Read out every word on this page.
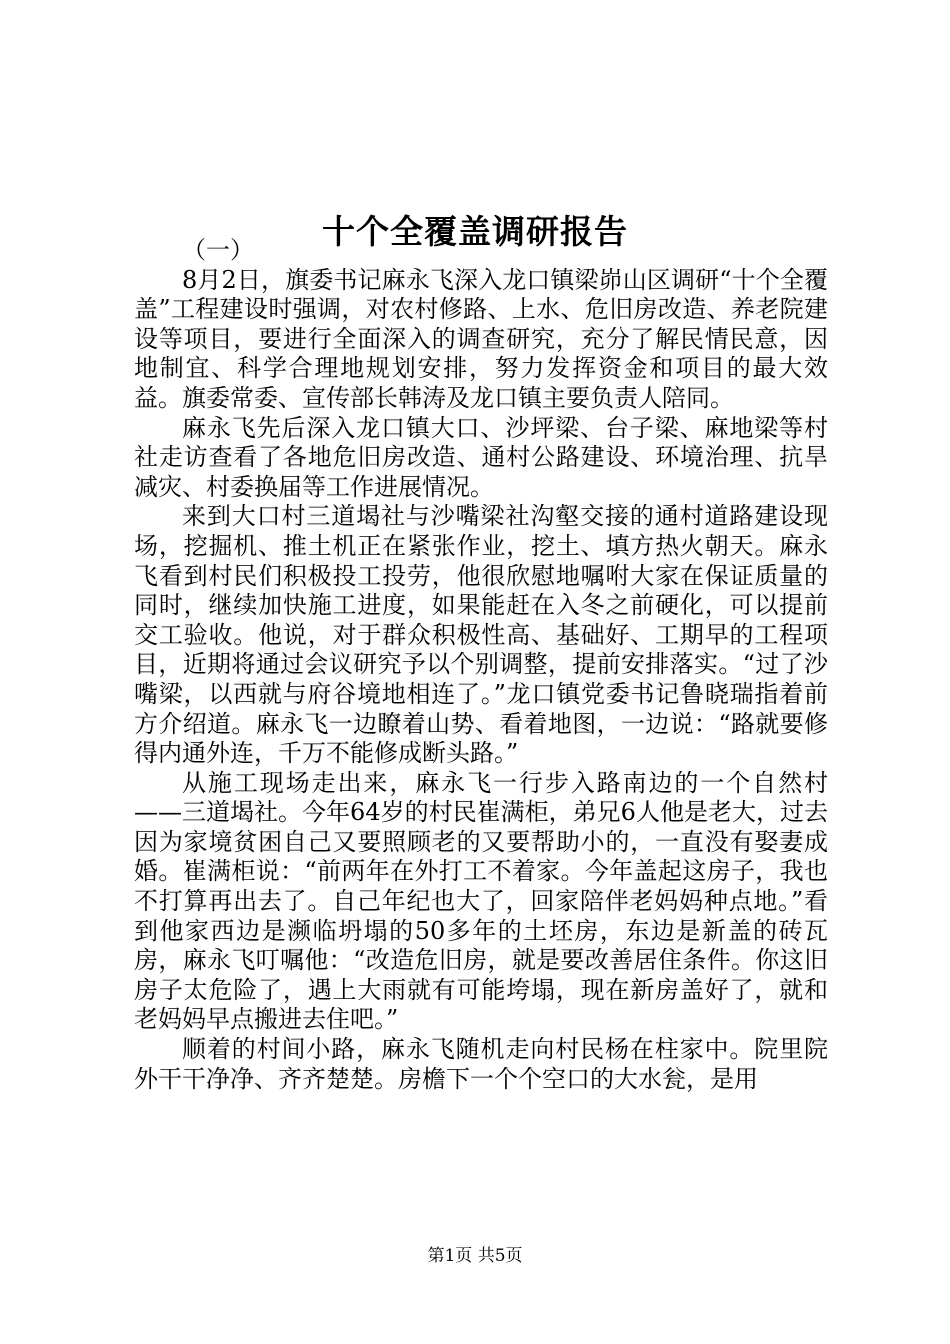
十个全覆盖调研报告

（一）

8月2日，旗委书记麻永飞深入龙口镇梁峁山区调研“十个全覆盖”工程建设时强调，对农村修路、上水、危旧房改造、养老院建设等项目，要进行全面深入的调查研究，充分了解民情民意，因地制宜、科学合理地规划安排，努力发挥资金和项目的最大效益。旗委常委、宣传部长韩涛及龙口镇主要负责人陪同。

麻永飞先后深入龙口镇大口、沙坪梁、台子梁、麻地梁等村社走访查看了各地危旧房改造、通村公路建设、环境治理、抗旱减灾、村委换届等工作进展情况。

来到大口村三道堨社与沙嘴梁社沟壑交接的通村道路建设现场，挖掘机、推土机正在紧张作业，挖土、填方热火朝天。麻永飞看到村民们积极投工投劳，他很欣慰地嘱咐大家在保证质量的同时，继续加快施工进度，如果能赶在入冬之前硬化，可以提前交工验收。他说，对于群众积极性高、基础好、工期早的工程项目，近期将通过会议研究予以个别调整，提前安排落实。“过了沙嘴梁，以西就与府谷境地相连了。”龙口镇党委书记鲁晓瑞指着前方介绍道。麻永飞一边瞭着山势、看着地图，一边说：“路就要修得内通外连，千万不能修成断头路。”

从施工现场走出来，麻永飞一行步入路南边的一个自然村——三道堨社。今年64岁的村民崔满柜，弟兄6人他是老大，过去因为家境贫困自己又要照顾老的又要帮助小的，一直没有娶妻成婚。崔满柜说：“前两年在外打工不着家。今年盖起这房子，我也不打算再出去了。自己年纪也大了，回家陪伴老妈妈种点地。”看到他家西边是濒临坍塌的50多年的土坯房，东边是新盖的砖瓦房，麻永飞叮嘱他：“改造危旧房，就是要改善居住条件。你这旧房子太危险了，遇上大雨就有可能垮塌，现在新房盖好了，就和老妈妈早点搬进去住吧。”

顺着的村间小路，麻永飞随机走向村民杨在柱家中。院里院外干干净净、齐齐楚楚。房檐下一个个空口的大水瓮，是用

第1页 共5页
